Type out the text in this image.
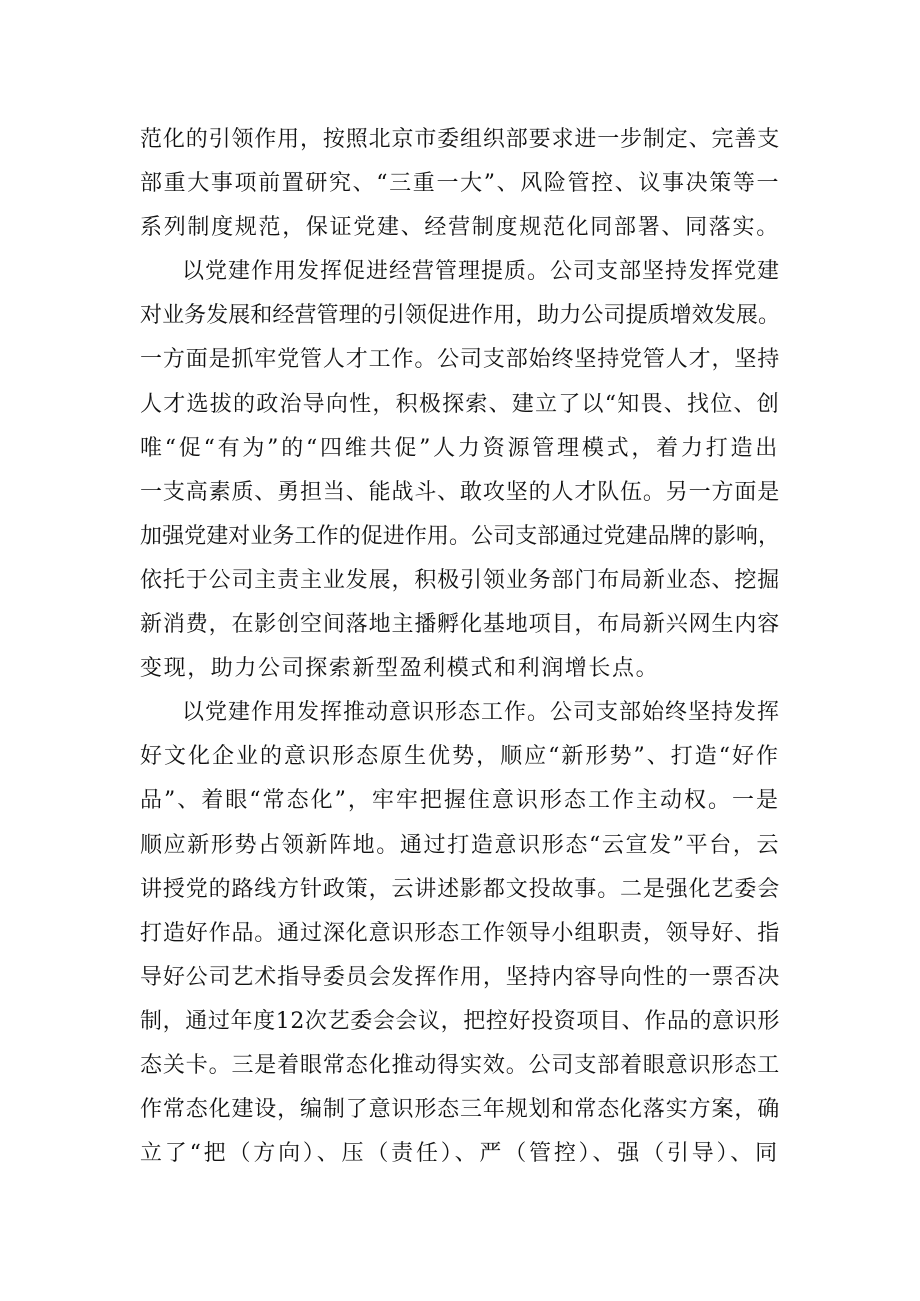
范化的引领作用，按照北京市委组织部要求进一步制定、完善支
部重大事项前置研究、“三重一大”、风险管控、议事决策等一
系列制度规范，保证党建、经营制度规范化同部署、同落实。
以党建作用发挥促进经营管理提质。公司支部坚持发挥党建
对业务发展和经营管理的引领促进作用，助力公司提质增效发展。
一方面是抓牢党管人才工作。公司支部始终坚持党管人才，坚持
人才选拔的政治导向性，积极探索、建立了以“知畏、找位、创
唯“促“有为”的“四维共促”人力资源管理模式，着力打造出
一支高素质、勇担当、能战斗、敢攻坚的人才队伍。另一方面是
加强党建对业务工作的促进作用。公司支部通过党建品牌的影响，
依托于公司主责主业发展，积极引领业务部门布局新业态、挖掘
新消费，在影创空间落地主播孵化基地项目，布局新兴网生内容
变现，助力公司探索新型盈利模式和利润增长点。
以党建作用发挥推动意识形态工作。公司支部始终坚持发挥
好文化企业的意识形态原生优势，顺应“新形势”、打造“好作
品”、着眼“常态化”，牢牢把握住意识形态工作主动权。一是
顺应新形势占领新阵地。通过打造意识形态“云宣发”平台，云
讲授党的路线方针政策，云讲述影都文投故事。二是强化艺委会
打造好作品。通过深化意识形态工作领导小组职责，领导好、指
导好公司艺术指导委员会发挥作用，坚持内容导向性的一票否决
制，通过年度12次艺委会会议，把控好投资项目、作品的意识形
态关卡。三是着眼常态化推动得实效。公司支部着眼意识形态工
作常态化建设，编制了意识形态三年规划和常态化落实方案，确
立了“把（方向）、压（责任）、严（管控）、强（引导）、同
